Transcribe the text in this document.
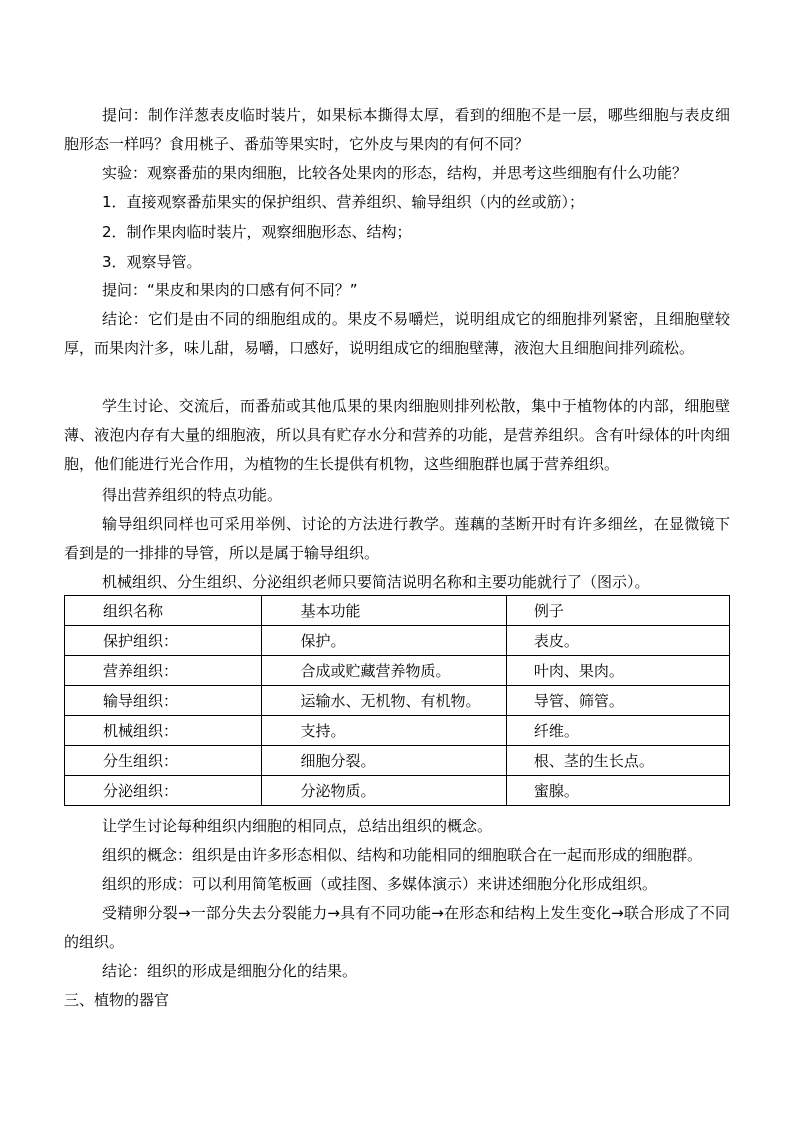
提问：制作洋葱表皮临时装片，如果标本撕得太厚，看到的细胞不是一层，哪些细胞与表皮细胞形态一样吗？食用桃子、番茄等果实时，它外皮与果肉的有何不同？

实验：观察番茄的果肉细胞，比较各处果肉的形态，结构，并思考这些细胞有什么功能？

1．直接观察番茄果实的保护组织、营养组织、输导组织（内的丝或筋）；

2．制作果肉临时装片，观察细胞形态、结构；

3．观察导管。

提问：“果皮和果肉的口感有何不同？”

结论：它们是由不同的细胞组成的。果皮不易嚼烂，说明组成它的细胞排列紧密，且细胞壁较厚，而果肉汁多，味儿甜，易嚼，口感好，说明组成它的细胞壁薄，液泡大且细胞间排列疏松。

学生讨论、交流后，而番茄或其他瓜果的果肉细胞则排列松散，集中于植物体的内部，细胞壁薄、液泡内存有大量的细胞液，所以具有贮存水分和营养的功能，是营养组织。含有叶绿体的叶肉细胞，他们能进行光合作用，为植物的生长提供有机物，这些细胞群也属于营养组织。

得出营养组织的特点功能。

输导组织同样也可采用举例、讨论的方法进行教学。莲藕的茎断开时有许多细丝，在显微镜下看到是的一排排的导管，所以是属于输导组织。

机械组织、分生组织、分泌组织老师只要简洁说明名称和主要功能就行了（图示）。

组织名称	基本功能	例子
保护组织：	保护。	表皮。
营养组织：	合成或贮藏营养物质。	叶肉、果肉。
输导组织：	运输水、无机物、有机物。	导管、筛管。
机械组织：	支持。	纤维。
分生组织：	细胞分裂。	根、茎的生长点。
分泌组织：	分泌物质。	蜜腺。

让学生讨论每种组织内细胞的相同点，总结出组织的概念。

组织的概念：组织是由许多形态相似、结构和功能相同的细胞联合在一起而形成的细胞群。

组织的形成：可以利用简笔板画（或挂图、多媒体演示）来讲述细胞分化形成组织。

受精卵分裂→一部分失去分裂能力→具有不同功能→在形态和结构上发生变化→联合形成了不同的组织。

结论：组织的形成是细胞分化的结果。

三、植物的器官
